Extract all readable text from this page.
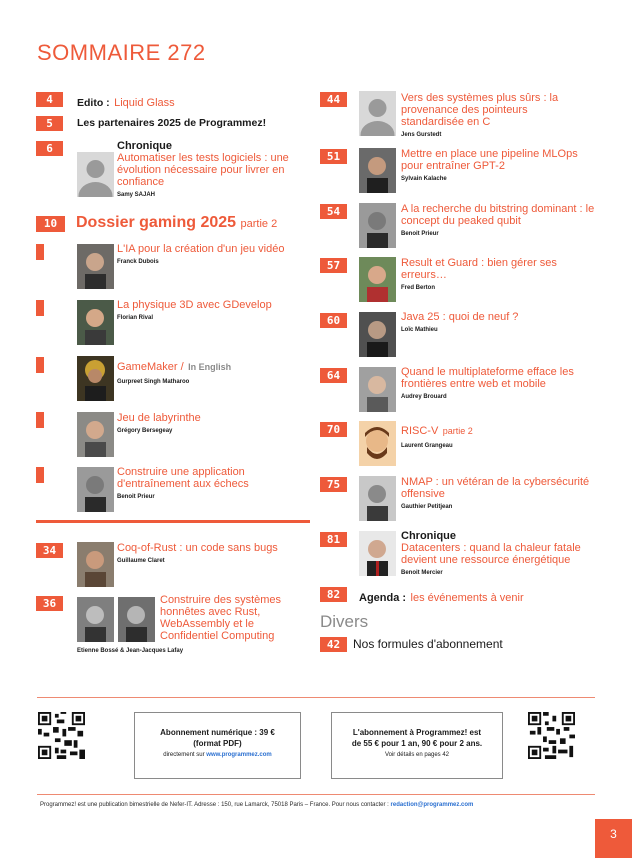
SOMMAIRE 272
4	Edito : Liquid Glass
5	Les partenaires 2025 de Programmez!
6	Chronique
Automatiser les tests logiciels : une évolution nécessaire pour livrer en confiance
Samy SAJAH
10	Dossier gaming 2025 partie 2
L'IA pour la création d'un jeu vidéo
Franck Dubois
La physique 3D avec GDevelop
Florian Rival
GameMaker / In English
Gurpreet Singh Matharoo
Jeu de labyrinthe
Grégory Bersegeay
Construire une application d'entraînement aux échecs
Benoit Prieur
34	Coq-of-Rust : un code sans bugs
Guillaume Claret
36	Construire des systèmes honnêtes avec Rust, WebAssembly et le Confidentiel Computing
Etienne Bossé & Jean-Jacques Lafay
44	Vers des systèmes plus sûrs : la provenance des pointeurs standardisée en C
Jens Gurstedt
51	Mettre en place une pipeline MLOps pour entraîner GPT-2
Sylvain Kalache
54	A la recherche du bitstring dominant : le concept du peaked qubit
Benoit Prieur
57	Result et Guard : bien gérer ses erreurs…
Fred Berton
60	Java 25 : quoi de neuf ?
Loïc Mathieu
64	Quand le multiplateforme efface les frontières entre web et mobile
Audrey Brouard
70	RISC-V partie 2
Laurent Grangeau
75	NMAP : un vétéran de la cybersécurité offensive
Gauthier Petitjean
81	Chronique
Datacenters : quand la chaleur fatale devient une ressource énergétique
Benoit Mercier
82	Agenda : les événements à venir
Divers
42	Nos formules d'abonnement
Abonnement numérique : 39 €
(format PDF)
directement sur www.programmez.com
L'abonnement à Programmez! est
de 55 € pour 1 an, 90 € pour 2 ans.
Voir détails en pages 42
Programmez! est une publication bimestrielle de Nefer-IT. Adresse : 150, rue Lamarck, 75018 Paris – France. Pour nous contacter : redaction@programmez.com
3
